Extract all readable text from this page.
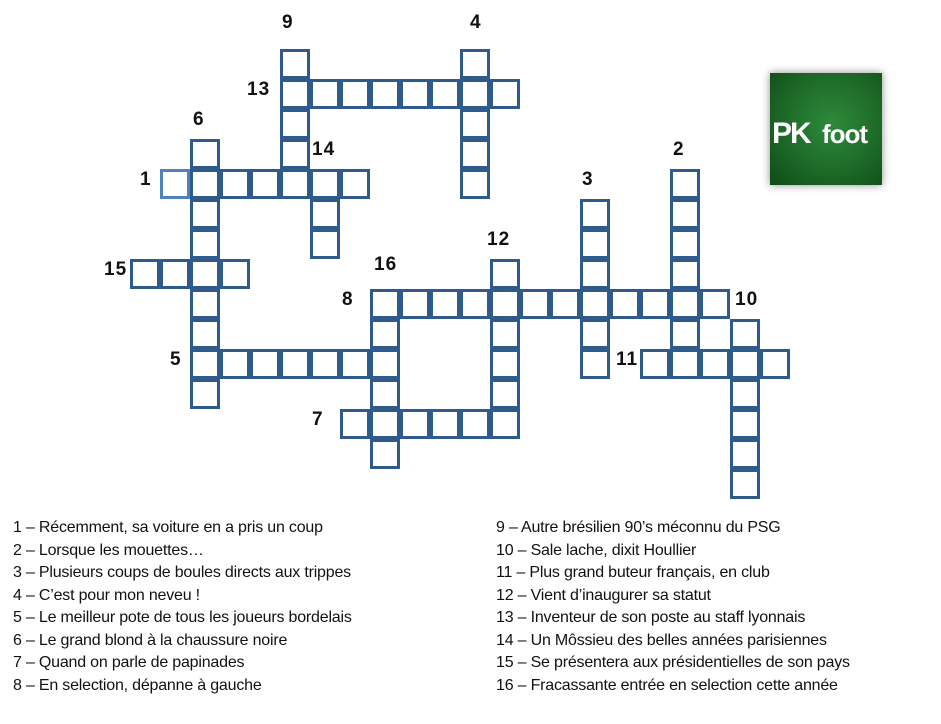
9	4
13
6
14
1
2
3
12
16
15
8	10
5	11
7
PK foot
1 – Récemment, sa voiture en a pris un coup
2 – Lorsque les mouettes…
3 – Plusieurs coups de boules directs aux trippes
4 – C’est pour mon neveu !
5 – Le meilleur pote de tous les joueurs bordelais
6 – Le grand blond à la chaussure noire
7 – Quand on parle de papinades
8 – En selection, dépanne à gauche
9 – Autre brésilien 90’s méconnu du PSG
10 – Sale lache, dixit Houllier
11 – Plus grand buteur français, en club
12 – Vient d’inaugurer sa statut
13 – Inventeur de son poste au staff lyonnais
14 – Un Môssieu des belles années parisiennes
15 – Se présentera aux présidentielles de son pays
16 – Fracassante entrée en selection cette année
